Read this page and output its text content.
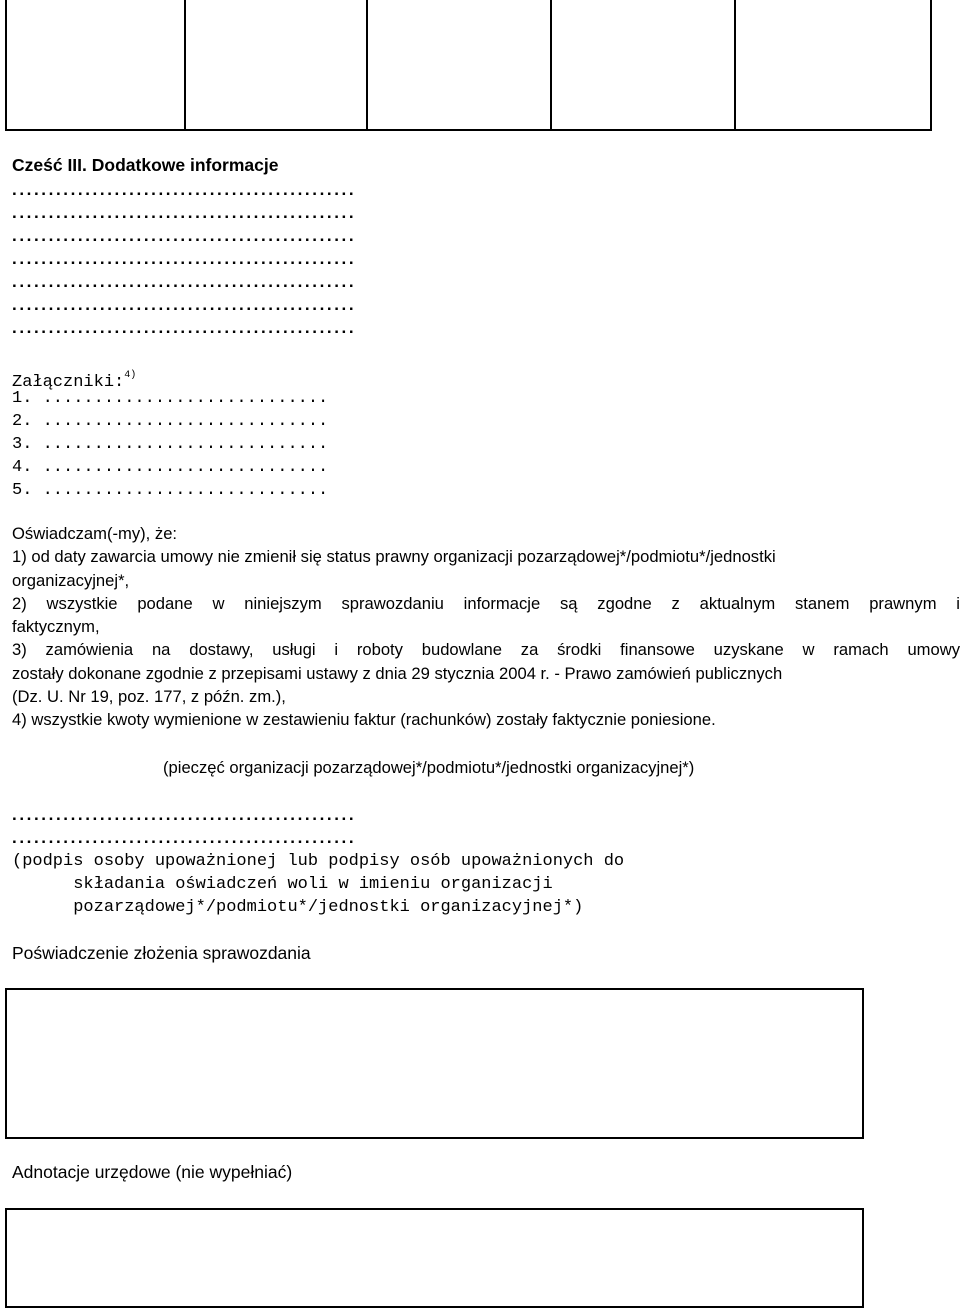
Cześć III. Dodatkowe informacje
...............................................
...............................................
...............................................
...............................................
...............................................
...............................................
...............................................
Załączniki:$^{4)}$
1. ............................
2. ............................
3. ............................
4. ............................
5. ............................
Oświadczam(-my), że:
1) od daty zawarcia umowy nie zmienił się status prawny organizacji pozarządowej*/podmiotu*/jednostki
organizacyjnej*,
2) wszystkie podane w niniejszym sprawozdaniu informacje są zgodne z aktualnym stanem prawnym i
faktycznym,
3) zamówienia na dostawy, usługi i roboty budowlane za środki finansowe uzyskane w ramach umowy
zostały dokonane zgodnie z przepisami ustawy z dnia 29 stycznia 2004 r. - Prawo zamówień publicznych
(Dz. U. Nr 19, poz. 177, z późn. zm.),
4) wszystkie kwoty wymienione w zestawieniu faktur (rachunków) zostały faktycznie poniesione.
(pieczęć organizacji pozarządowej*/podmiotu*/jednostki organizacyjnej*)
...............................................
...............................................
(podpis osoby upoważnionej lub podpisy osób upoważnionych do
składania oświadczeń woli w imieniu organizacji
pozarządowej*/podmiotu*/jednostki organizacyjnej*)
Poświadczenie złożenia sprawozdania
Adnotacje urzędowe (nie wypełniać)
